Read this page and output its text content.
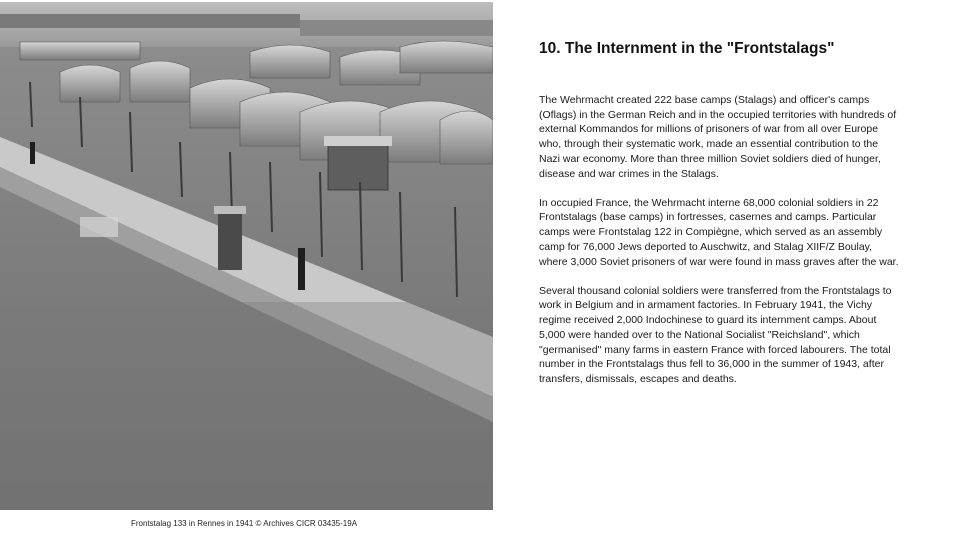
Frontstalag 133 in Rennes in 1941 © Archives CICR 03435-19A
10. The Internment in the "Frontstalags"

The Wehrmacht created 222 base camps (Stalags) and officer's camps (Oflags) in the German Reich and in the occupied territories with hundreds of external Kommandos for millions of prisoners of war from all over Europe who, through their systematic work, made an essential contribution to the Nazi war economy. More than three million Soviet soldiers died of hunger, disease and war crimes in the Stalags.

In occupied France, the Wehrmacht interne 68,000 colonial soldiers in 22 Frontstalags (base camps) in fortresses, casernes and camps. Particular camps were Frontstalag 122 in Compiègne, which served as an assembly camp for 76,000 Jews deported to Auschwitz, and Stalag XIIF/Z Boulay, where 3,000 Soviet prisoners of war were found in mass graves after the war.

Several thousand colonial soldiers were transferred from the Frontstalags to work in Belgium and in armament factories. In February 1941, the Vichy regime received 2,000 Indochinese to guard its internment camps. About 5,000 were handed over to the National Socialist "Reichsland", which "germanised" many farms in eastern France with forced labourers. The total number in the Frontstalags thus fell to 36,000 in the summer of 1943, after transfers, dismissals, escapes and deaths.
